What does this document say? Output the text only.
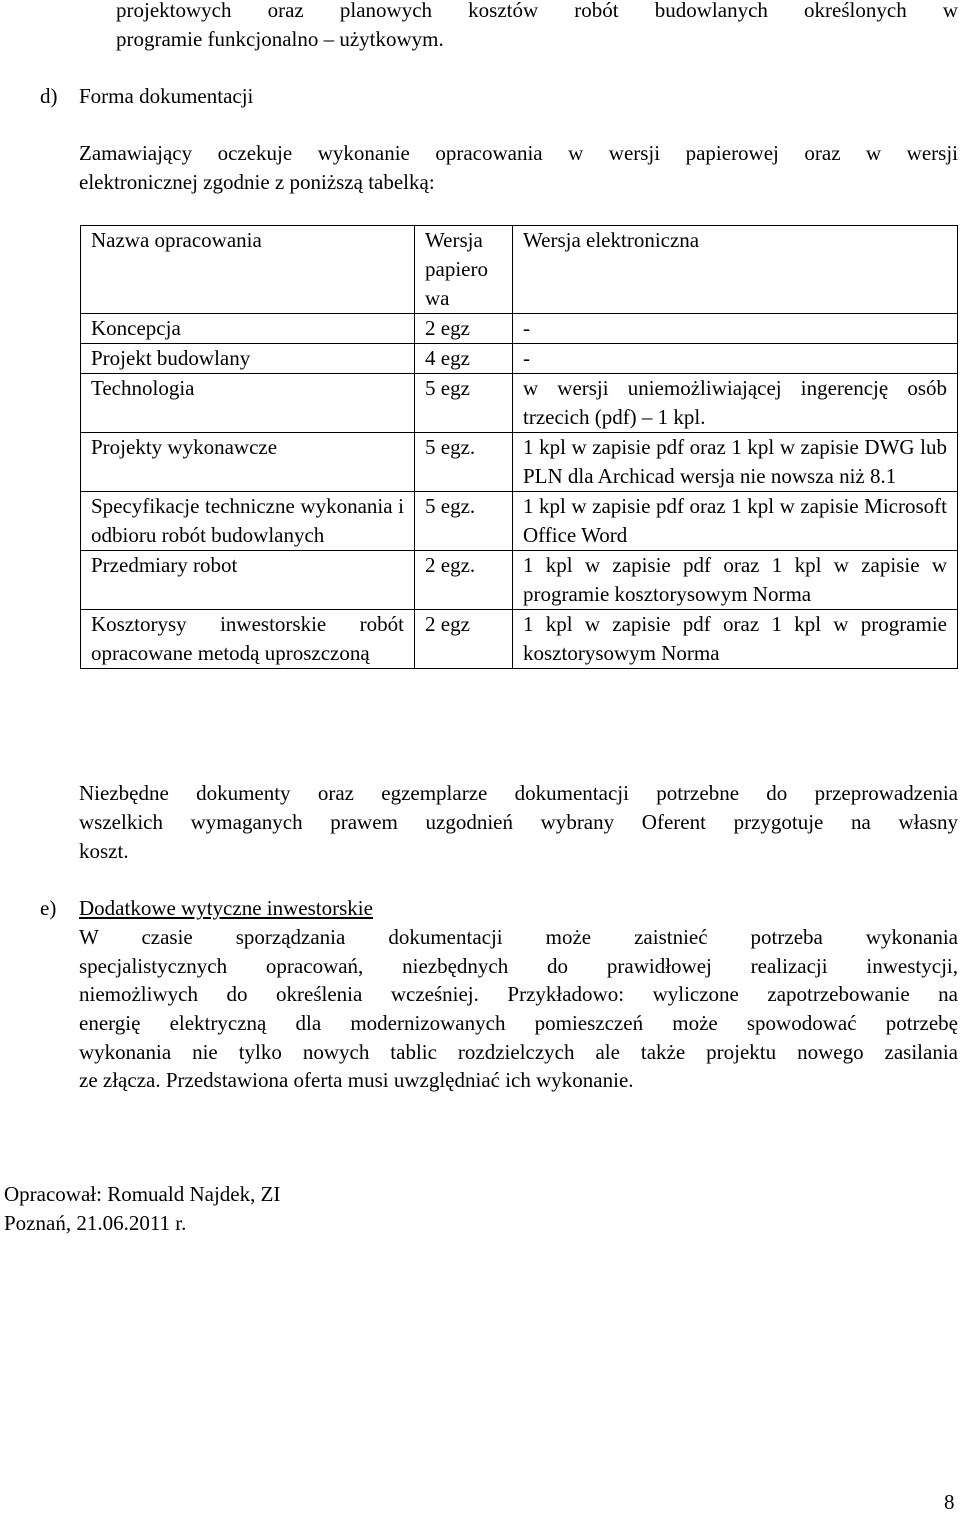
projektowych oraz planowych kosztów robót budowlanych określonych w
programie funkcjonalno – użytkowym.
d) Forma dokumentacji
Zamawiający oczekuje wykonanie opracowania w wersji papierowej oraz w wersji
elektronicznej zgodnie z poniższą tabelką:
Nazwa opracowania	Wersja papiero wa	Wersja elektroniczna
Koncepcja	2 egz	-
Projekt budowlany	4 egz	-
Technologia	5 egz	w wersji uniemożliwiającej ingerencję osób trzecich (pdf) – 1 kpl.
Projekty wykonawcze	5 egz.	1 kpl w zapisie pdf oraz 1 kpl w zapisie DWG lub PLN dla Archicad wersja nie nowsza niż 8.1
Specyfikacje techniczne wykonania i odbioru robót budowlanych	5 egz.	1 kpl w zapisie pdf oraz 1 kpl w zapisie Microsoft Office Word
Przedmiary robot	2 egz.	1 kpl w zapisie pdf oraz 1 kpl w zapisie w programie kosztorysowym Norma
Kosztorysy inwestorskie robót opracowane metodą uproszczoną	2 egz	1 kpl w zapisie pdf oraz 1 kpl w programie kosztorysowym Norma
Niezbędne dokumenty oraz egzemplarze dokumentacji potrzebne do przeprowadzenia
wszelkich wymaganych prawem uzgodnień wybrany Oferent przygotuje na własny
koszt.
e) Dodatkowe wytyczne inwestorskie
W czasie sporządzania dokumentacji może zaistnieć potrzeba wykonania
specjalistycznych opracowań, niezbędnych do prawidłowej realizacji inwestycji,
niemożliwych do określenia wcześniej. Przykładowo: wyliczone zapotrzebowanie na
energię elektryczną dla modernizowanych pomieszczeń może spowodować potrzebę
wykonania nie tylko nowych tablic rozdzielczych ale także projektu nowego zasilania
ze złącza. Przedstawiona oferta musi uwzględniać ich wykonanie.
Opracował: Romuald Najdek, ZI
Poznań, 21.06.2011 r.
8
